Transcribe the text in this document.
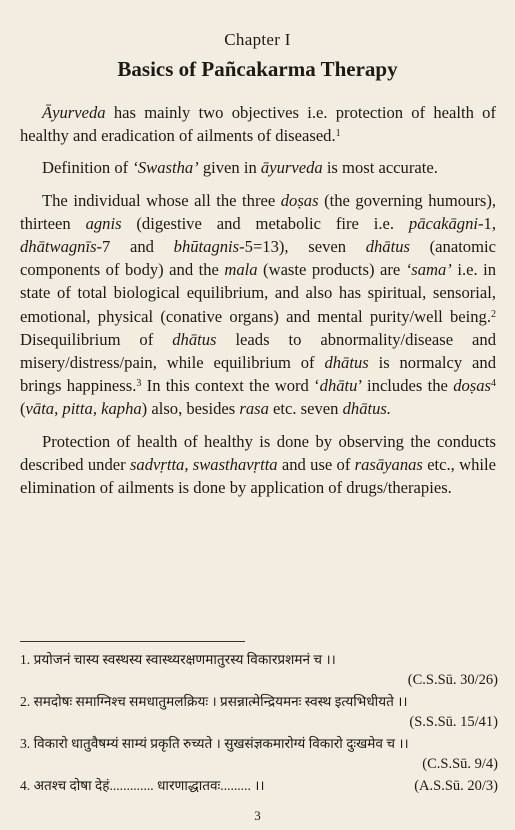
Chapter I
Basics of Pañcakarma Therapy

Āyurveda has mainly two objectives i.e. protection of health of healthy and eradication of ailments of diseased.$^1$

Definition of ‘Swastha’ given in āyurveda is most accurate.

The individual whose all the three doṣas (the governing humours), thirteen agnis (digestive and metabolic fire i.e. pācakāgni-1, dhātwagnīs-7 and bhūtagnis-5=13), seven dhātus (anatomic components of body) and the mala (waste products) are ‘sama’ i.e. in state of total biological equilibrium, and also has spiritual, sensorial, emotional, physical (conative organs) and mental purity/well being.$^2$ Disequilibrium of dhātus leads to abnormality/disease and misery/distress/pain, while equilibrium of dhātus is normalcy and brings happiness.$^3$ In this context the word ‘dhātu’ includes the doṣas$^4$ (vāta, pitta, kapha) also, besides rasa etc. seven dhātus.

Protection of health of healthy is done by observing the conducts described under sadvṛtta, swasthavṛtta and use of rasāyanas etc., while elimination of ailments is done by application of drugs/therapies.

1. प्रयोजनं चास्य स्वस्थस्य स्वास्थ्यरक्षणमातुरस्य विकारप्रशमनं च ।।
(C.S.Sū. 30/26)
2. समदोषः समाग्निश्च समधातुमलक्रियः । प्रसन्नात्मेन्द्रियमनः स्वस्थ इत्यभिधीयते ।।
(S.S.Sū. 15/41)
3. विकारो धातुवैषम्यं साम्यं प्रकृति रुच्यते । सुखसंज्ञकमारोग्यं विकारो दुःखमेव च ।।
(C.S.Sū. 9/4)
4. अतश्च दोषा देहं............. धारणाद्धातवः......... ।।	(A.S.Sū. 20/3)
3
